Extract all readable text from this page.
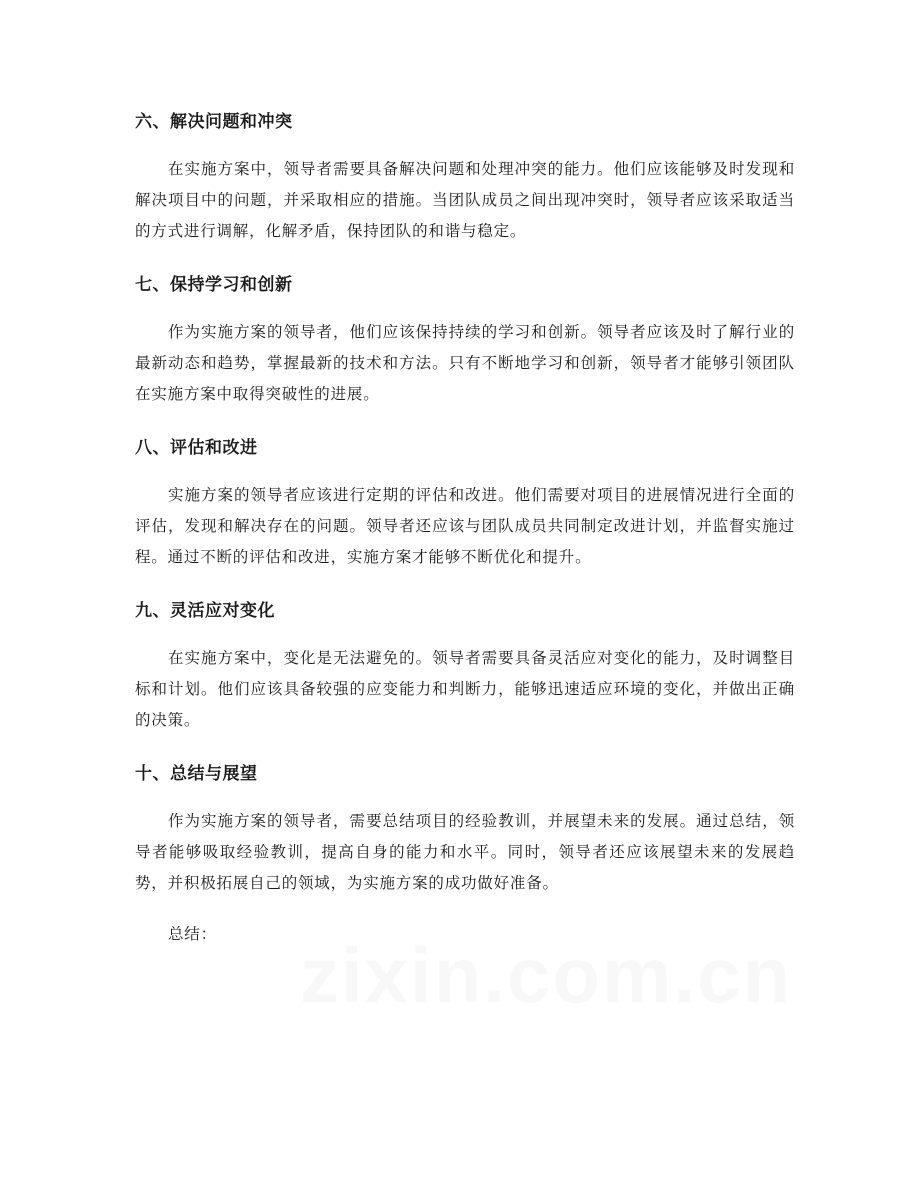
zixin.com.cn
六、解决问题和冲突

在实施方案中，领导者需要具备解决问题和处理冲突的能力。他们应该能够及时发现和解决项目中的问题，并采取相应的措施。当团队成员之间出现冲突时，领导者应该采取适当的方式进行调解，化解矛盾，保持团队的和谐与稳定。

七、保持学习和创新

作为实施方案的领导者，他们应该保持持续的学习和创新。领导者应该及时了解行业的最新动态和趋势，掌握最新的技术和方法。只有不断地学习和创新，领导者才能够引领团队在实施方案中取得突破性的进展。

八、评估和改进

实施方案的领导者应该进行定期的评估和改进。他们需要对项目的进展情况进行全面的评估，发现和解决存在的问题。领导者还应该与团队成员共同制定改进计划，并监督实施过程。通过不断的评估和改进，实施方案才能够不断优化和提升。

九、灵活应对变化

在实施方案中，变化是无法避免的。领导者需要具备灵活应对变化的能力，及时调整目标和计划。他们应该具备较强的应变能力和判断力，能够迅速适应环境的变化，并做出正确的决策。

十、总结与展望

作为实施方案的领导者，需要总结项目的经验教训，并展望未来的发展。通过总结，领导者能够吸取经验教训，提高自身的能力和水平。同时，领导者还应该展望未来的发展趋势，并积极拓展自己的领域，为实施方案的成功做好准备。

总结：
